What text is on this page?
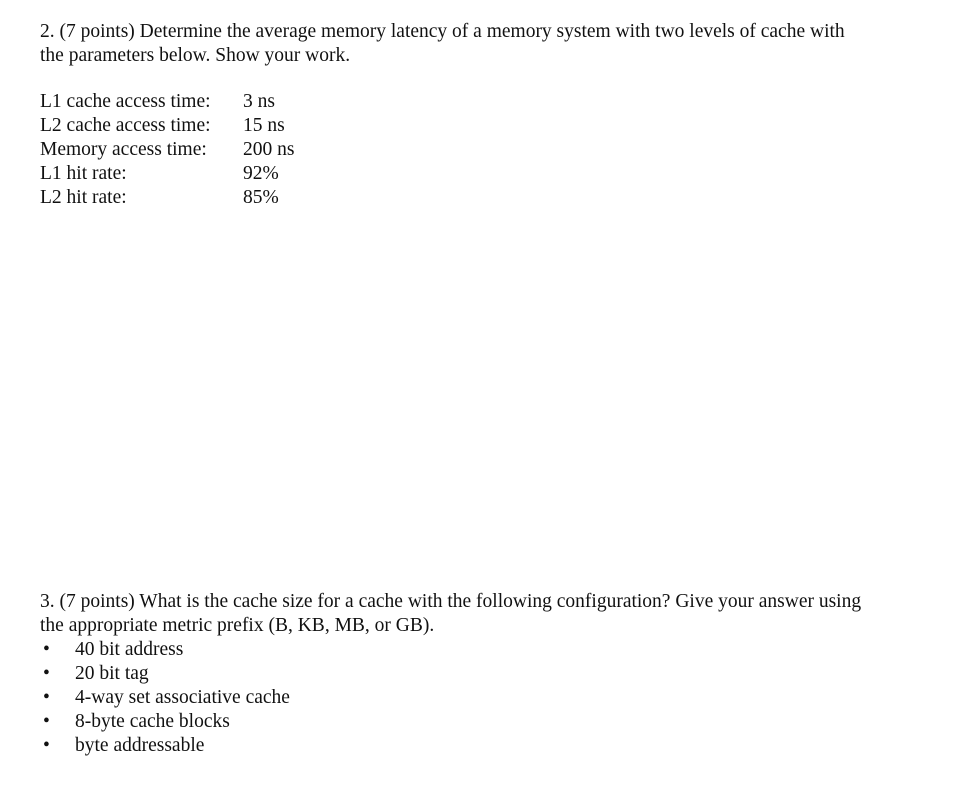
2. (7 points) Determine the average memory latency of a memory system with two levels of cache with
the parameters below. Show your work.

L1 cache access time:	3 ns
L2 cache access time:	15 ns
Memory access time:	200 ns
L1 hit rate:	92%
L2 hit rate:	85%

3. (7 points) What is the cache size for a cache with the following configuration? Give your answer using
the appropriate metric prefix (B, KB, MB, or GB).

• 40 bit address
• 20 bit tag
• 4-way set associative cache
• 8-byte cache blocks
• byte addressable
